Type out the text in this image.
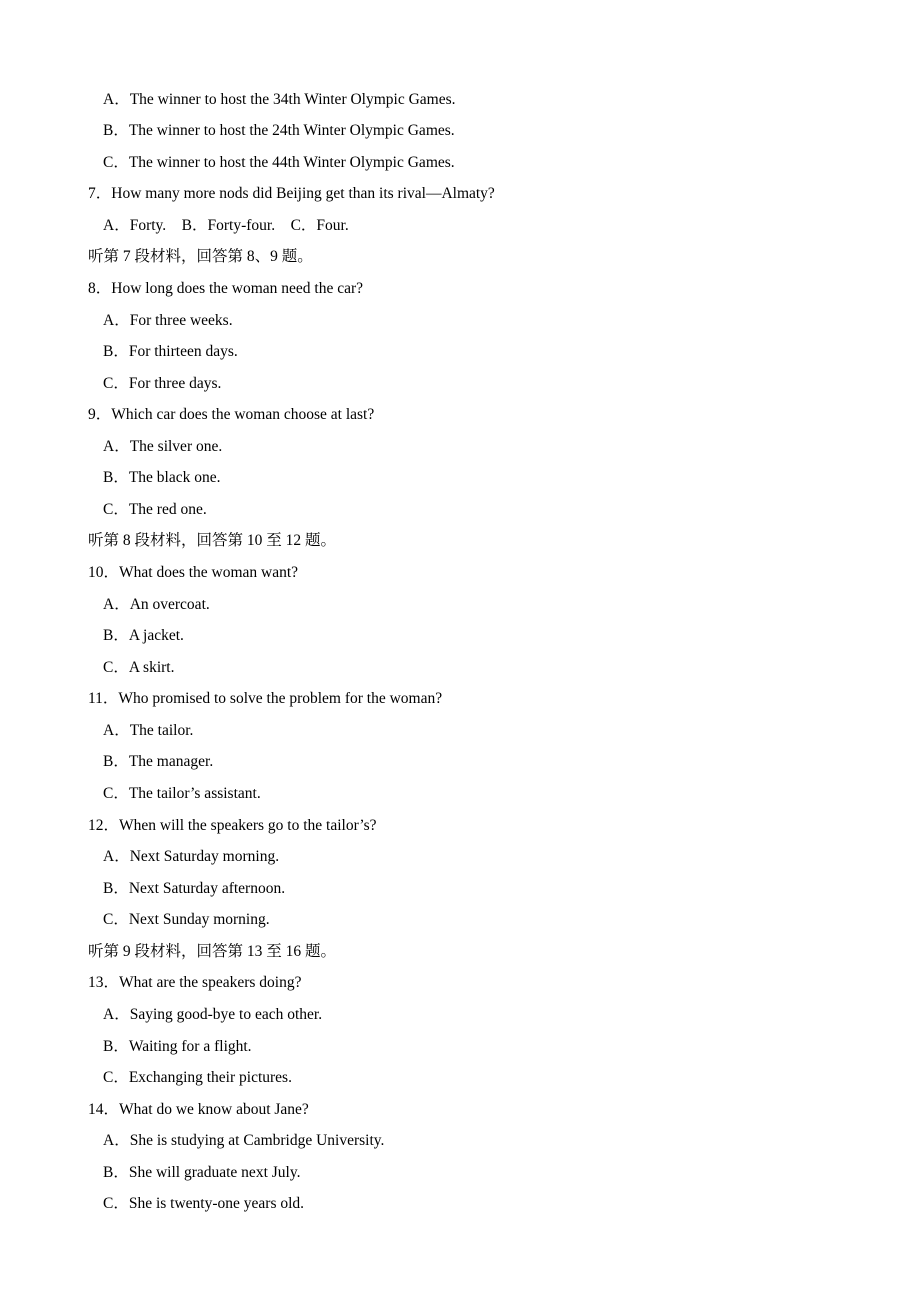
A．The winner to host the 34th Winter Olympic Games.
B．The winner to host the 24th Winter Olympic Games.
C．The winner to host the 44th Winter Olympic Games.
7．How many more nods did Beijing get than its rival—Almaty?
A．Forty.　B．Forty-four.　C．Four.
听第 7 段材料，回答第 8、9 题。
8．How long does the woman need the car?
A．For three weeks.
B．For thirteen days.
C．For three days.
9．Which car does the woman choose at last?
A．The silver one.
B．The black one.
C．The red one.
听第 8 段材料，回答第 10 至 12 题。
10．What does the woman want?
A．An overcoat.
B．A jacket.
C．A skirt.
11．Who promised to solve the problem for the woman?
A．The tailor.
B．The manager.
C．The tailor’s assistant.
12．When will the speakers go to the tailor’s?
A．Next Saturday morning.
B．Next Saturday afternoon.
C．Next Sunday morning.
听第 9 段材料，回答第 13 至 16 题。
13．What are the speakers doing?
A．Saying good-bye to each other.
B．Waiting for a flight.
C．Exchanging their pictures.
14．What do we know about Jane?
A．She is studying at Cambridge University.
B．She will graduate next July.
C．She is twenty-one years old.
